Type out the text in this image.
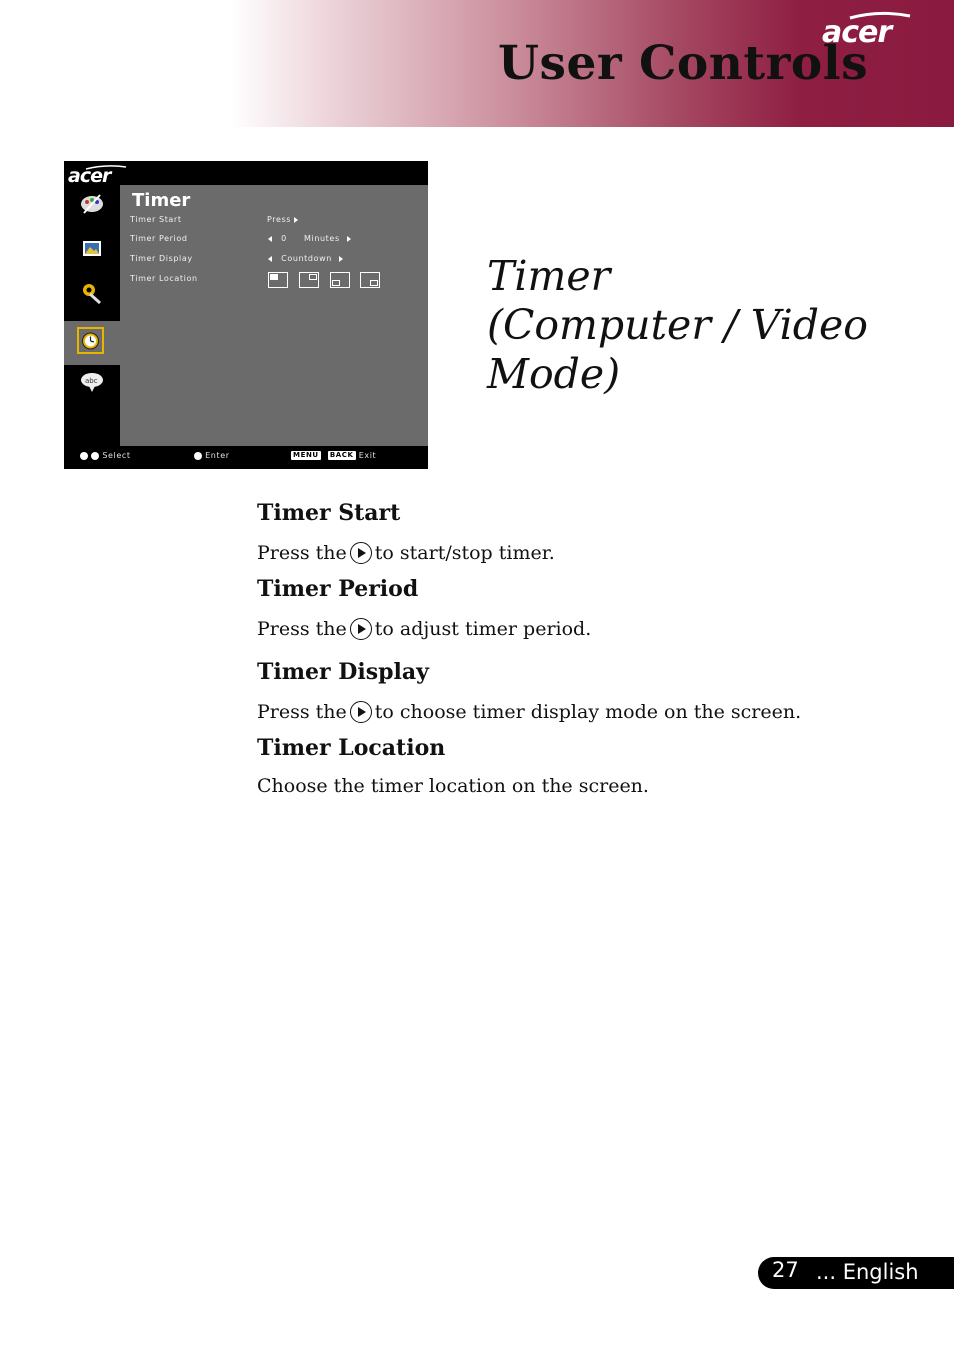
User Controls
acer
acer
abc
Timer
Timer Start	Press
Timer Period	0 Minutes
Timer Display	Countdown
Timer Location
Select	Enter	MENU BACK Exit
Timer
(Computer / Video
Mode)
Timer Start
Press the to start/stop timer.
Timer Period
Press the to adjust timer period.
Timer Display
Press the to choose timer display mode on the screen.
Timer Location
Choose the timer location on the screen.
27 ... English
